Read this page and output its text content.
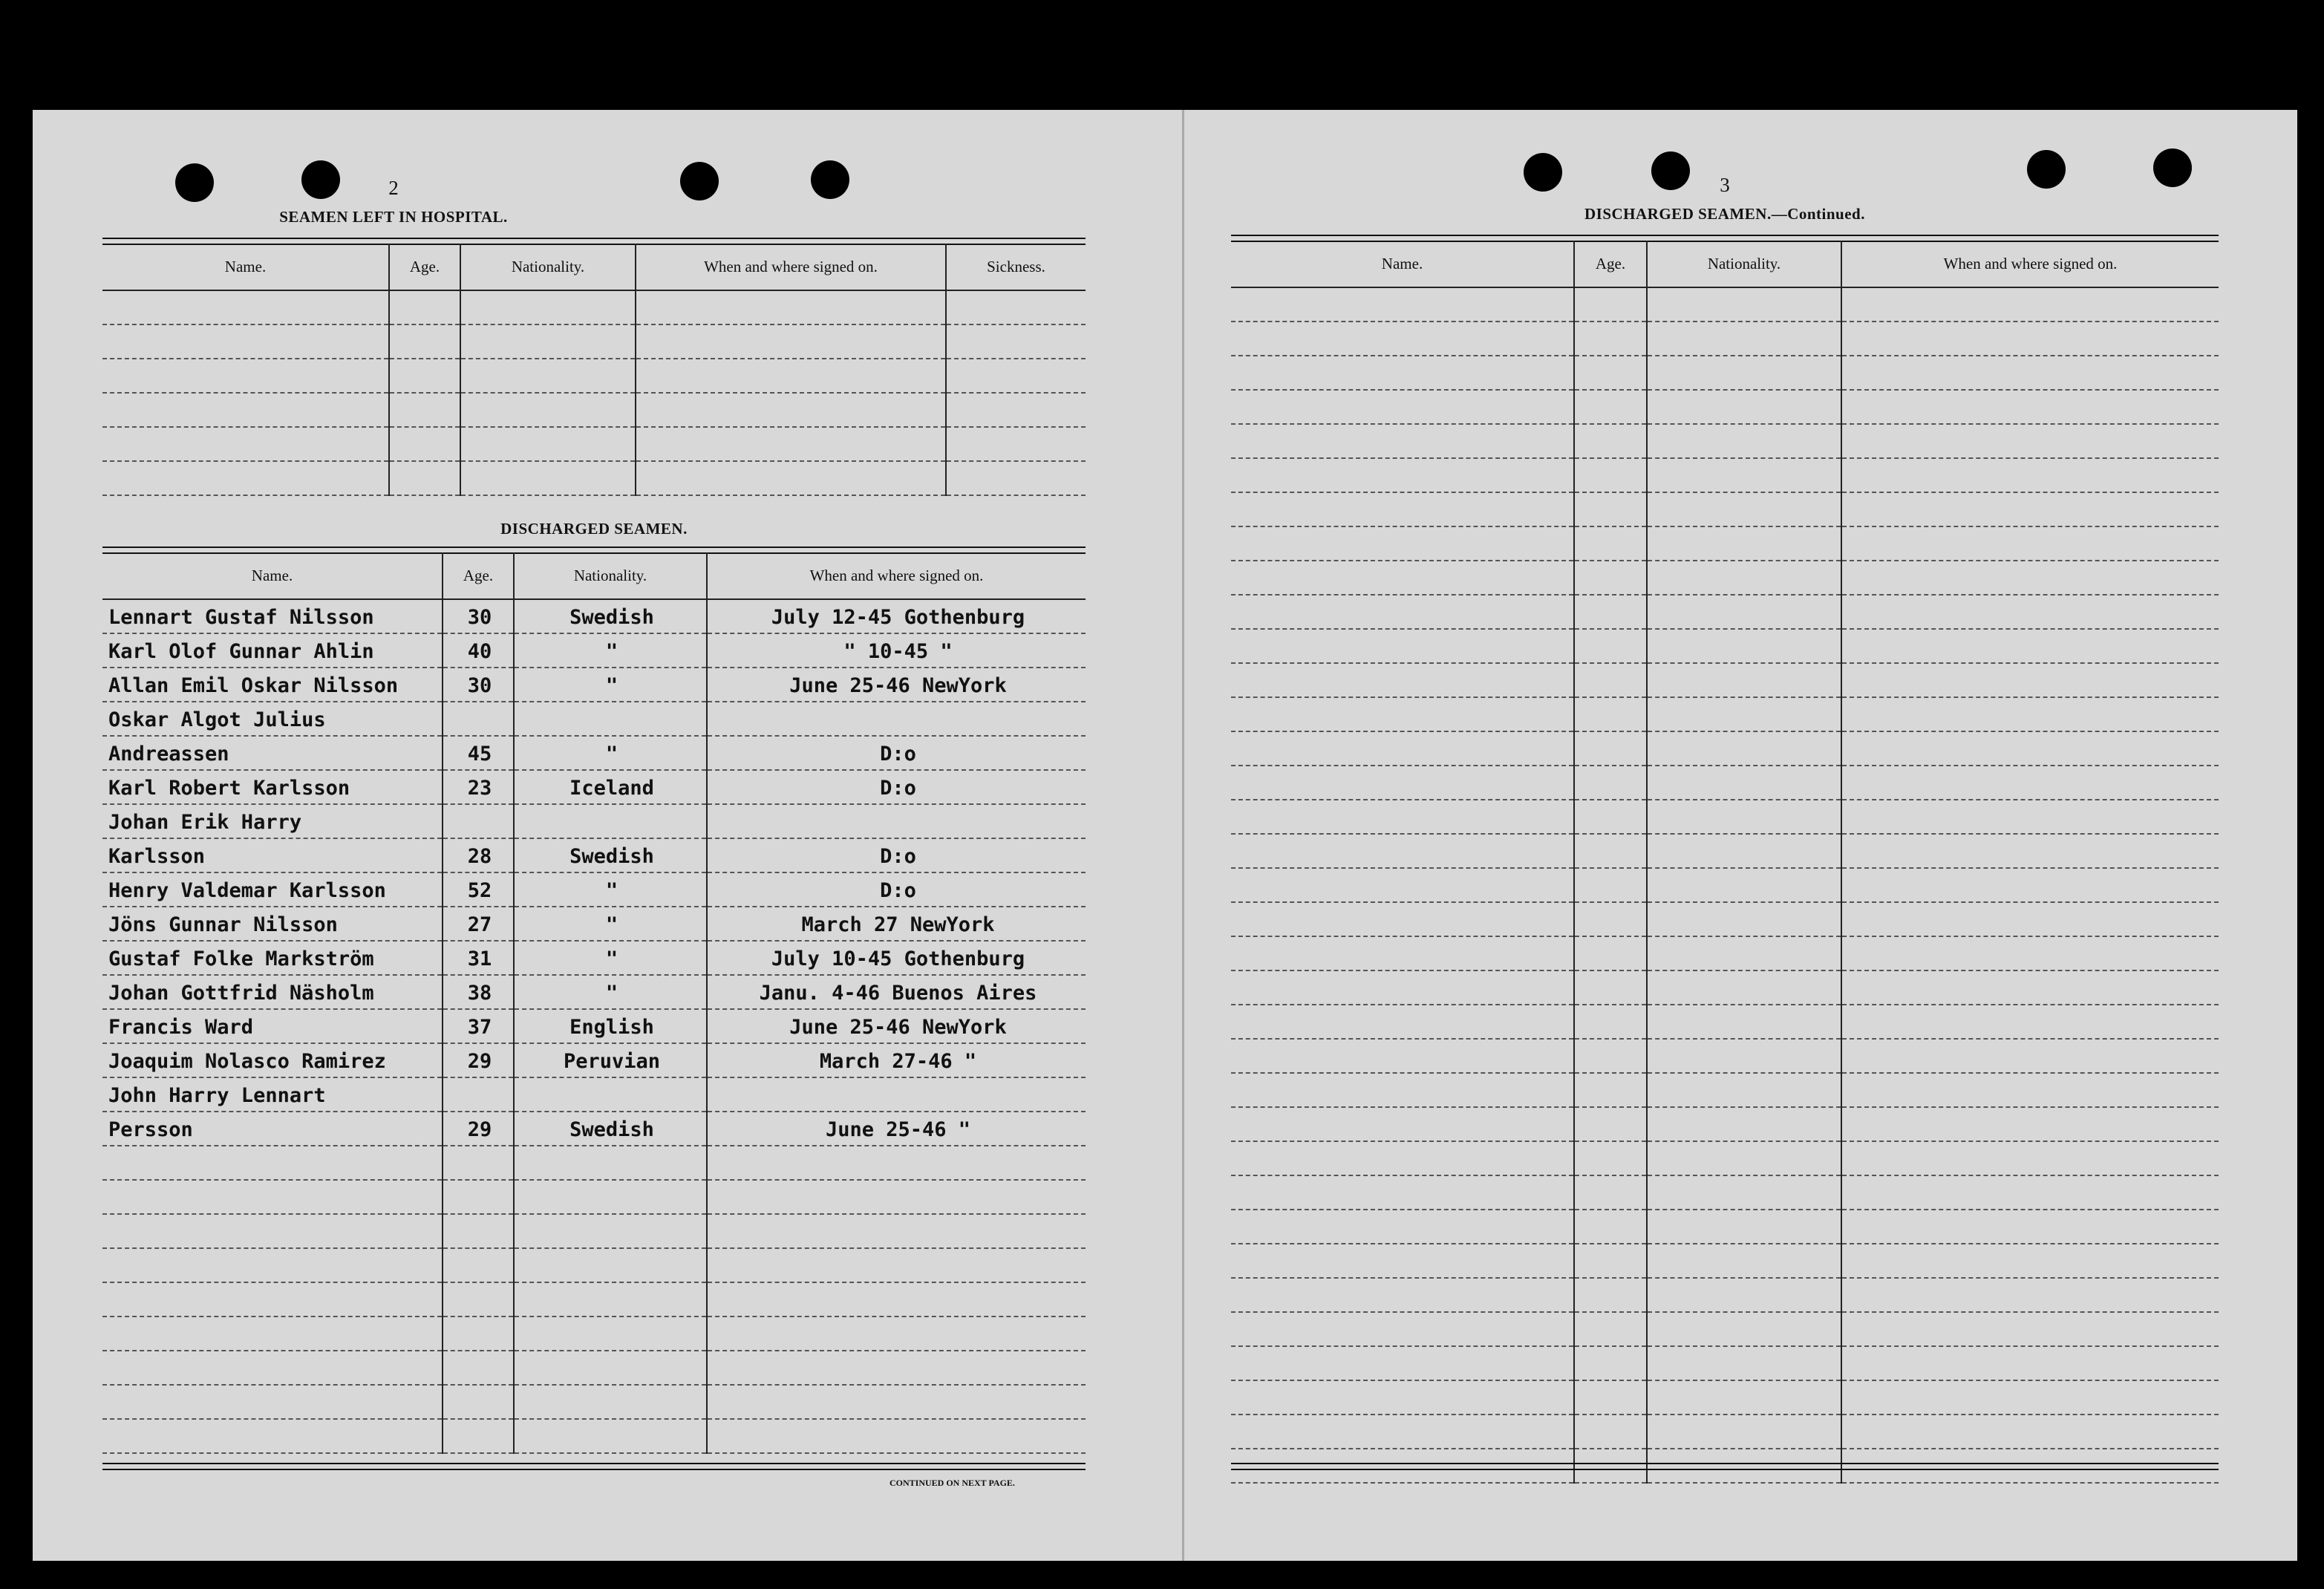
2
SEAMEN LEFT IN HOSPITAL.
Name.	Age.	Nationality.	When and where signed on.	Sickness.

DISCHARGED SEAMEN.
Name.	Age.	Nationality.	When and where signed on.
Lennart Gustaf Nilsson	30	Swedish	July 12-45 Gothenburg
Karl Olof Gunnar Ahlin	40	"	" 10-45 "
Allan Emil Oskar Nilsson	30	"	June 25-46 NewYork
Oskar Algot Julius			
Andreassen	45	"	D:o
Karl Robert Karlsson	23	Iceland	D:o
Johan Erik Harry			
Karlsson	28	Swedish	D:o
Henry Valdemar Karlsson	52	"	D:o
Jöns Gunnar Nilsson	27	"	March 27 NewYork
Gustaf Folke Markström	31	"	July 10-45 Gothenburg
Johan Gottfrid Näsholm	38	"	Janu. 4-46 Buenos Aires
Francis Ward	37	English	June 25-46 NewYork
Joaquim Nolasco Ramirez	29	Peruvian	March 27-46 "
John Harry Lennart			
Persson	29	Swedish	June 25-46 "

CONTINUED ON NEXT PAGE.
3
DISCHARGED SEAMEN.—Continued.
Name.	Age.	Nationality.	When and where signed on.
